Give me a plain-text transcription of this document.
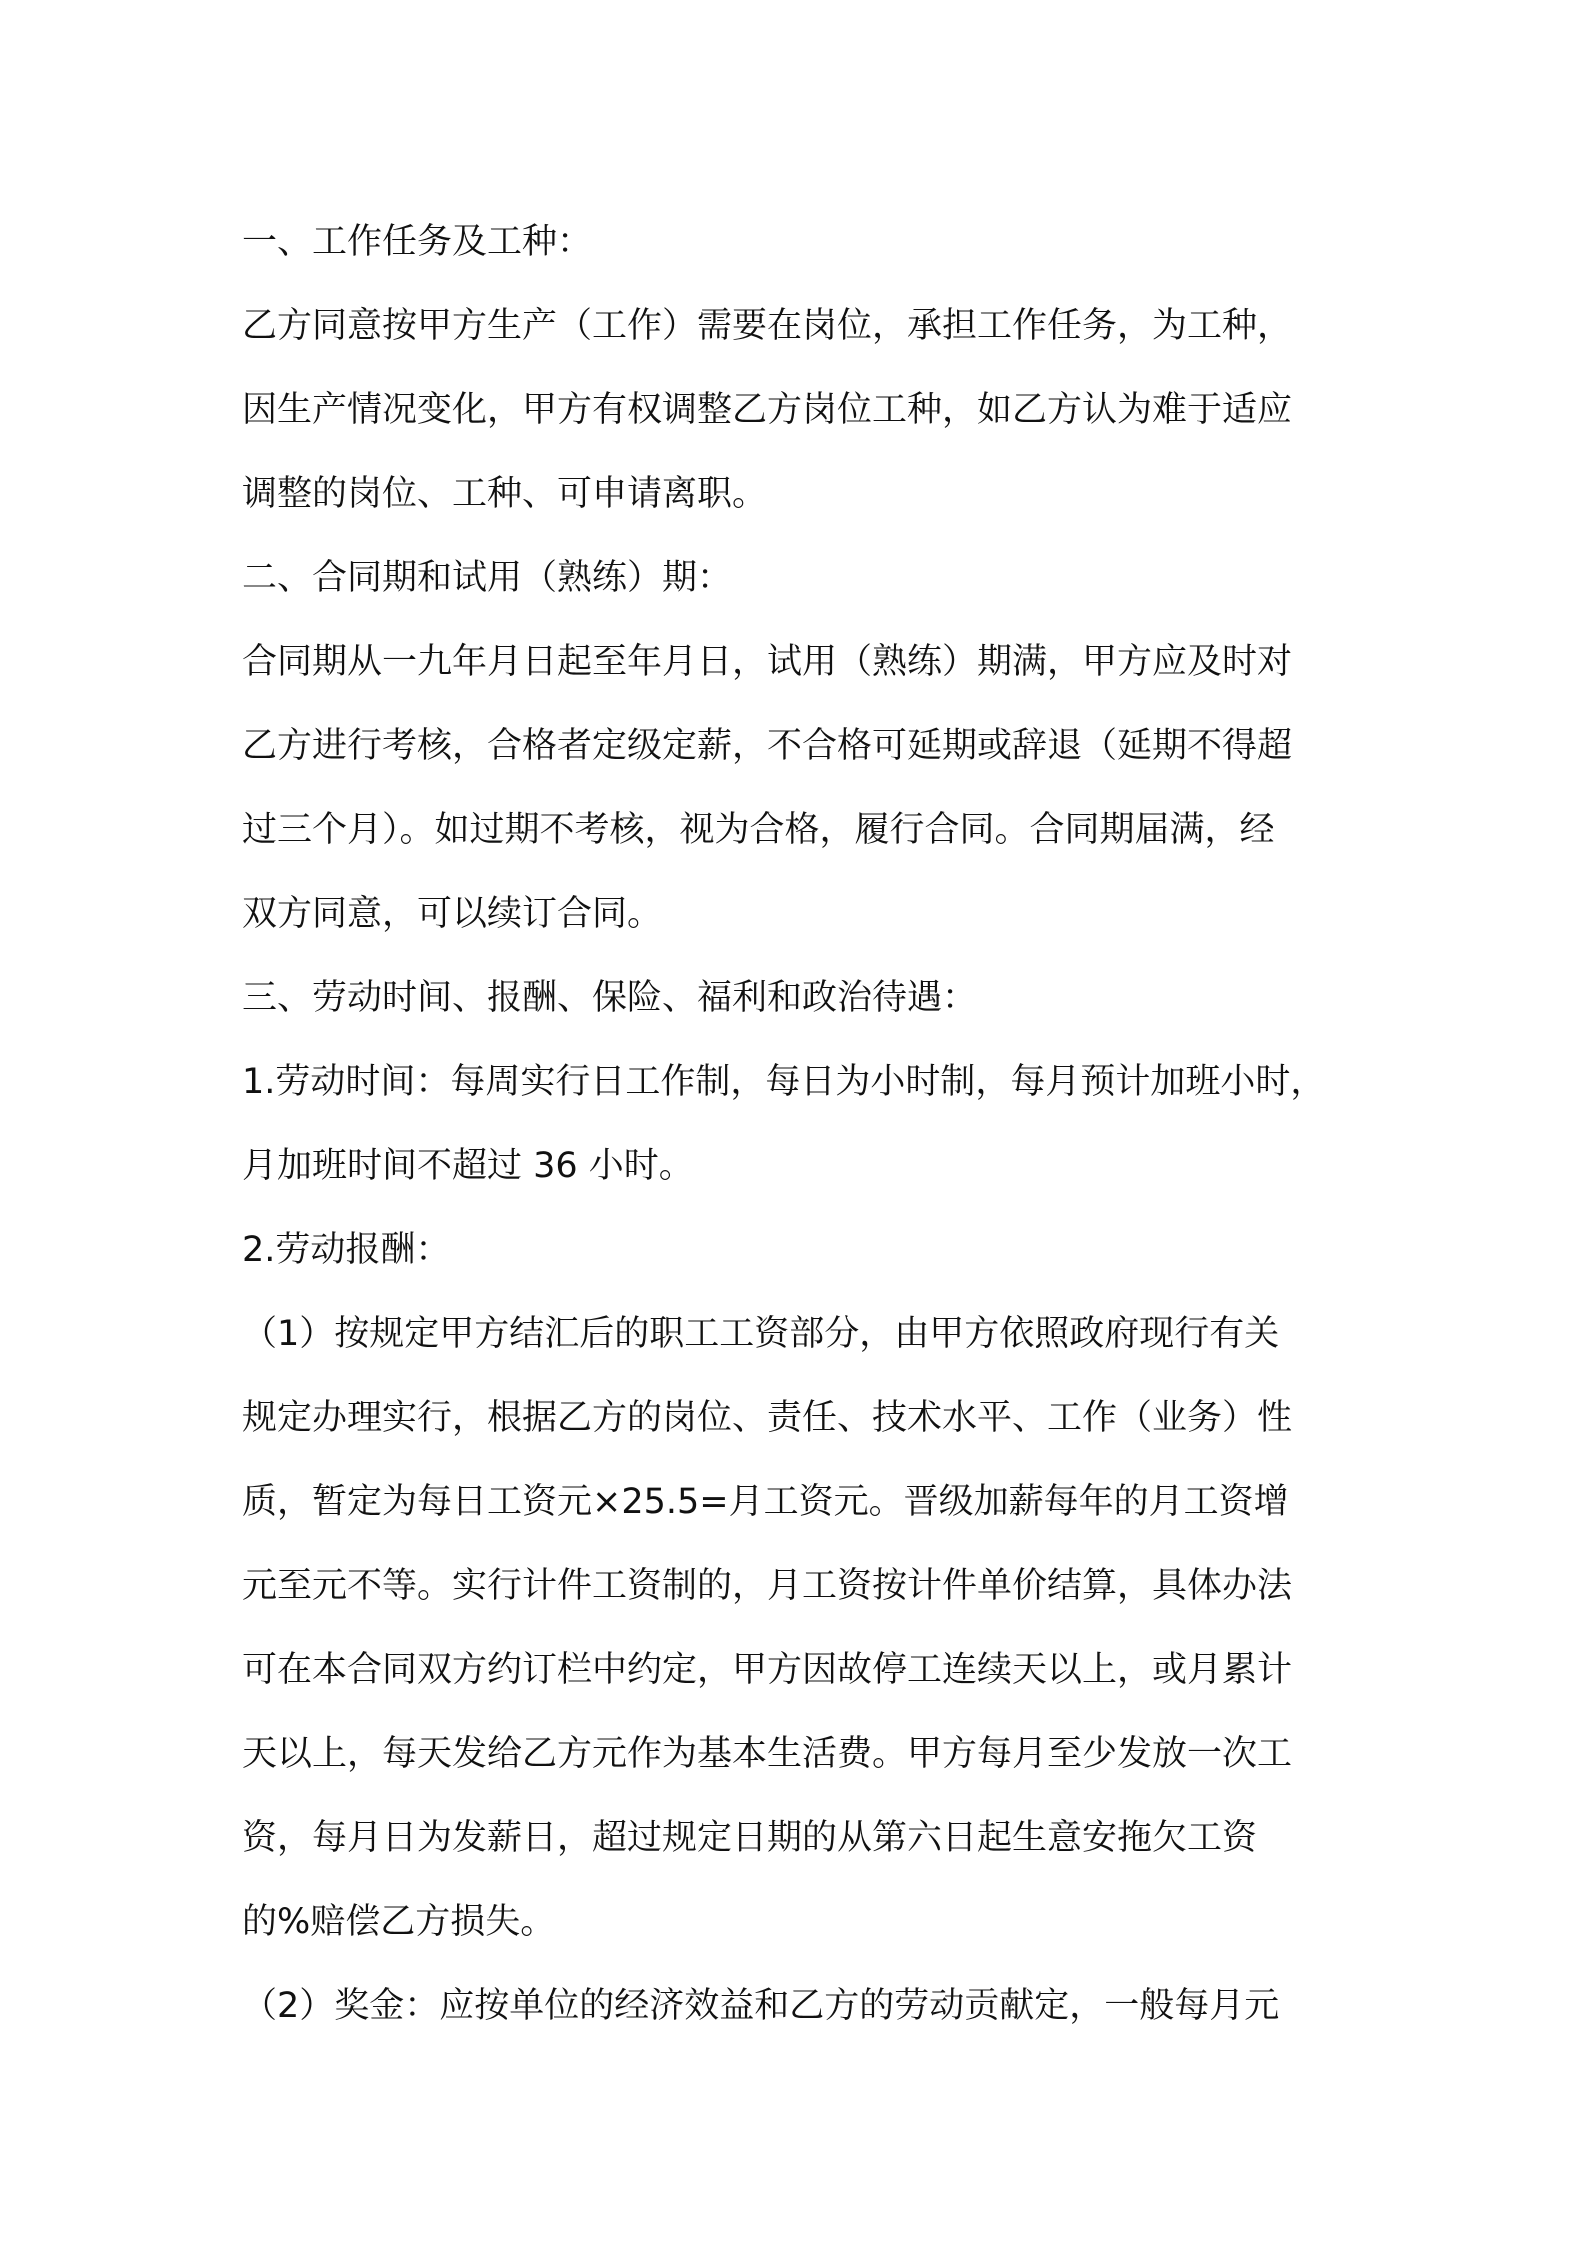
一、工作任务及工种：
乙方同意按甲方生产（工作）需要在岗位，承担工作任务，为工种，
因生产情况变化，甲方有权调整乙方岗位工种，如乙方认为难于适应
调整的岗位、工种、可申请离职。
二、合同期和试用（熟练）期：
合同期从一九年月日起至年月日，试用（熟练）期满，甲方应及时对
乙方进行考核，合格者定级定薪，不合格可延期或辞退（延期不得超
过三个月）。如过期不考核，视为合格，履行合同。合同期届满，经
双方同意，可以续订合同。
三、劳动时间、报酬、保险、福利和政治待遇：
1.劳动时间：每周实行日工作制，每日为小时制，每月预计加班小时，
月加班时间不超过 36 小时。
2.劳动报酬：
（1）按规定甲方结汇后的职工工资部分，由甲方依照政府现行有关
规定办理实行，根据乙方的岗位、责任、技术水平、工作（业务）性
质，暂定为每日工资元×25.5=月工资元。晋级加薪每年的月工资增
元至元不等。实行计件工资制的，月工资按计件单价结算，具体办法
可在本合同双方约订栏中约定，甲方因故停工连续天以上，或月累计
天以上，每天发给乙方元作为基本生活费。甲方每月至少发放一次工
资，每月日为发薪日，超过规定日期的从第六日起生意安拖欠工资
的%赔偿乙方损失。
（2）奖金：应按单位的经济效益和乙方的劳动贡献定，一般每月元
